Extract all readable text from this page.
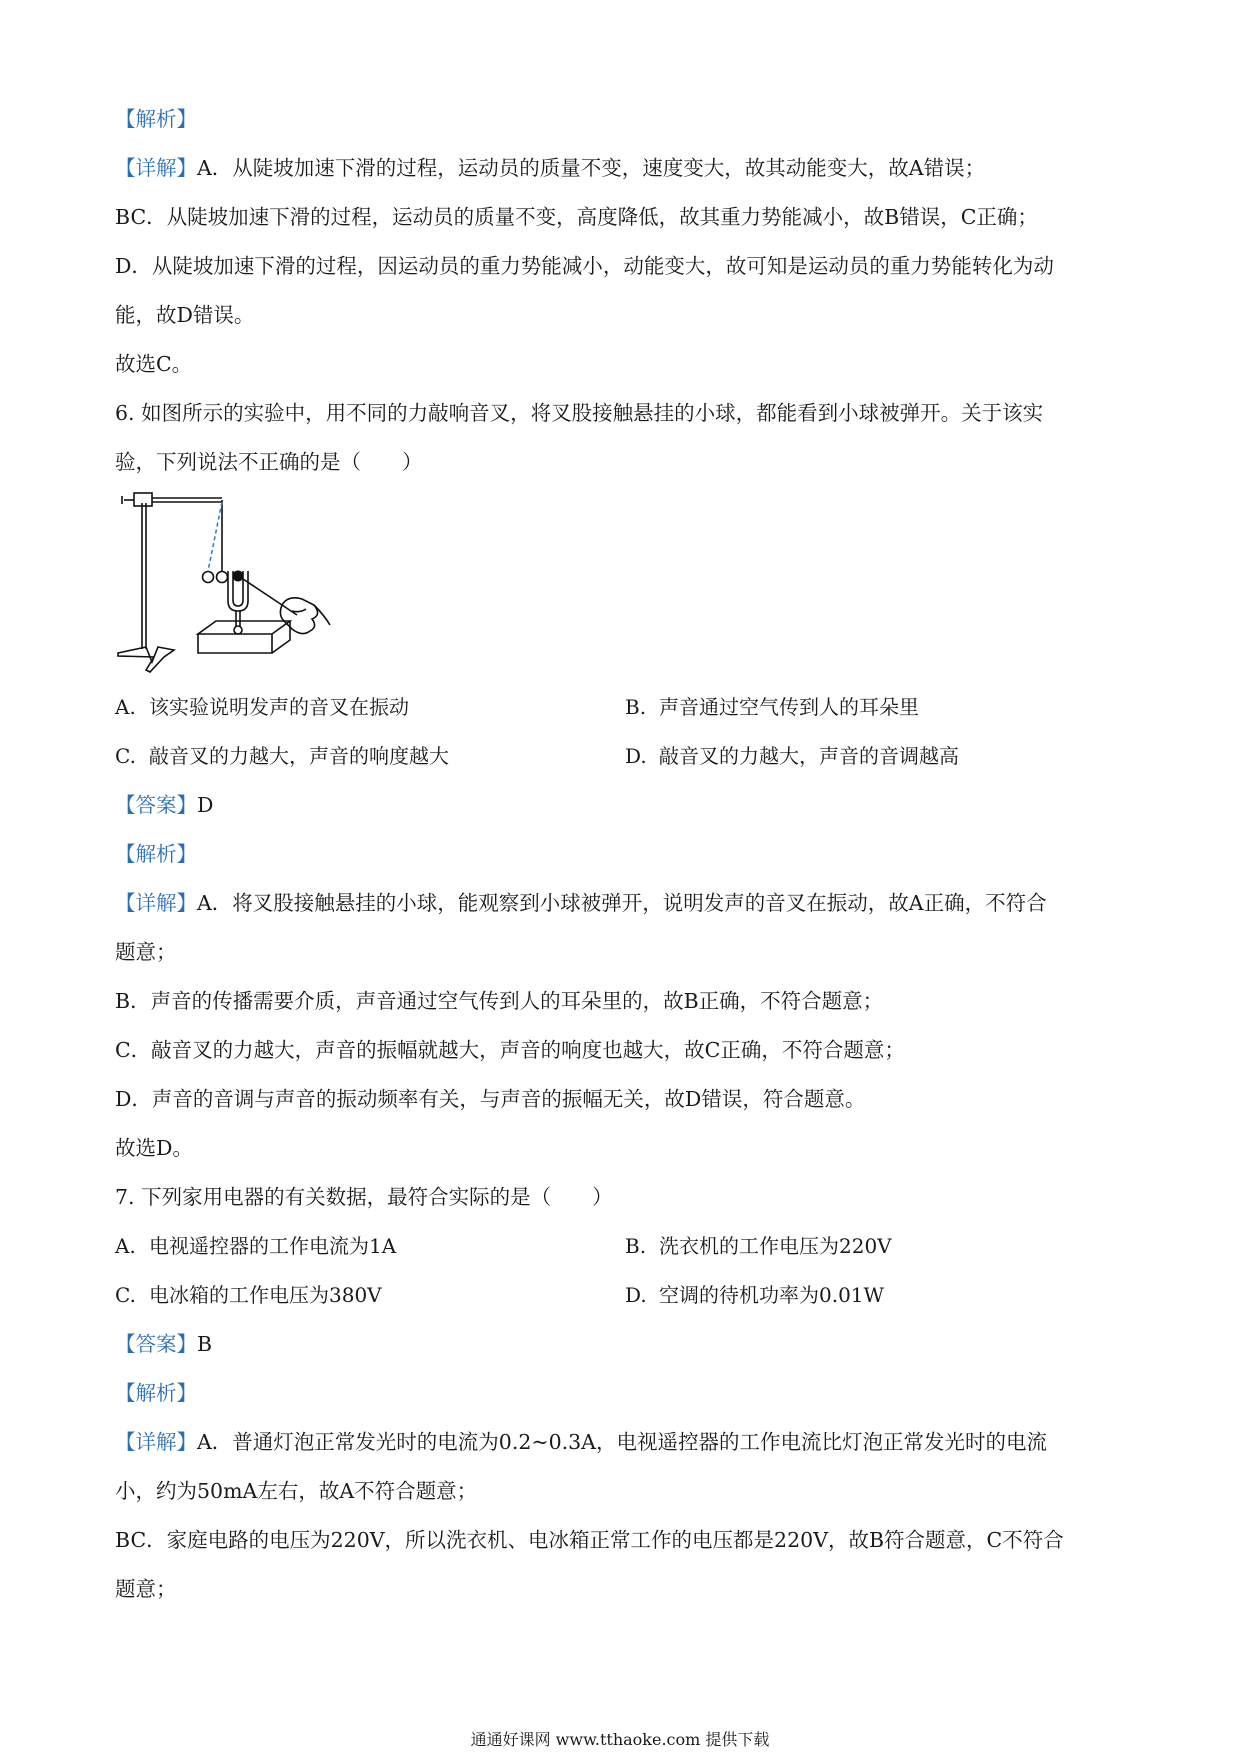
【解析】
【详解】A．从陡坡加速下滑的过程，运动员的质量不变，速度变大，故其动能变大，故A错误；
BC．从陡坡加速下滑的过程，运动员的质量不变，高度降低，故其重力势能减小，故B错误，C正确；
D．从陡坡加速下滑的过程，因运动员的重力势能减小，动能变大，故可知是运动员的重力势能转化为动
能，故D错误。
故选C。
6. 如图所示的实验中，用不同的力敲响音叉，将叉股接触悬挂的小球，都能看到小球被弹开。关于该实
验，下列说法不正确的是（　　）
A. 该实验说明发声的音叉在振动	B. 声音通过空气传到人的耳朵里
C. 敲音叉的力越大，声音的响度越大	D. 敲音叉的力越大，声音的音调越高
【答案】D
【解析】
【详解】A．将叉股接触悬挂的小球，能观察到小球被弹开，说明发声的音叉在振动，故A正确，不符合
题意；
B．声音的传播需要介质，声音通过空气传到人的耳朵里的，故B正确，不符合题意；
C．敲音叉的力越大，声音的振幅就越大，声音的响度也越大，故C正确，不符合题意；
D．声音的音调与声音的振动频率有关，与声音的振幅无关，故D错误，符合题意。
故选D。
7. 下列家用电器的有关数据，最符合实际的是（　　）
A. 电视遥控器的工作电流为1A	B. 洗衣机的工作电压为220V
C. 电冰箱的工作电压为380V	D. 空调的待机功率为0.01W
【答案】B
【解析】
【详解】A．普通灯泡正常发光时的电流为0.2~0.3A，电视遥控器的工作电流比灯泡正常发光时的电流
小，约为50mA左右，故A不符合题意；
BC．家庭电路的电压为220V，所以洗衣机、电冰箱正常工作的电压都是220V，故B符合题意，C不符合
题意；
通通好课网 www.tthaoke.com 提供下载
